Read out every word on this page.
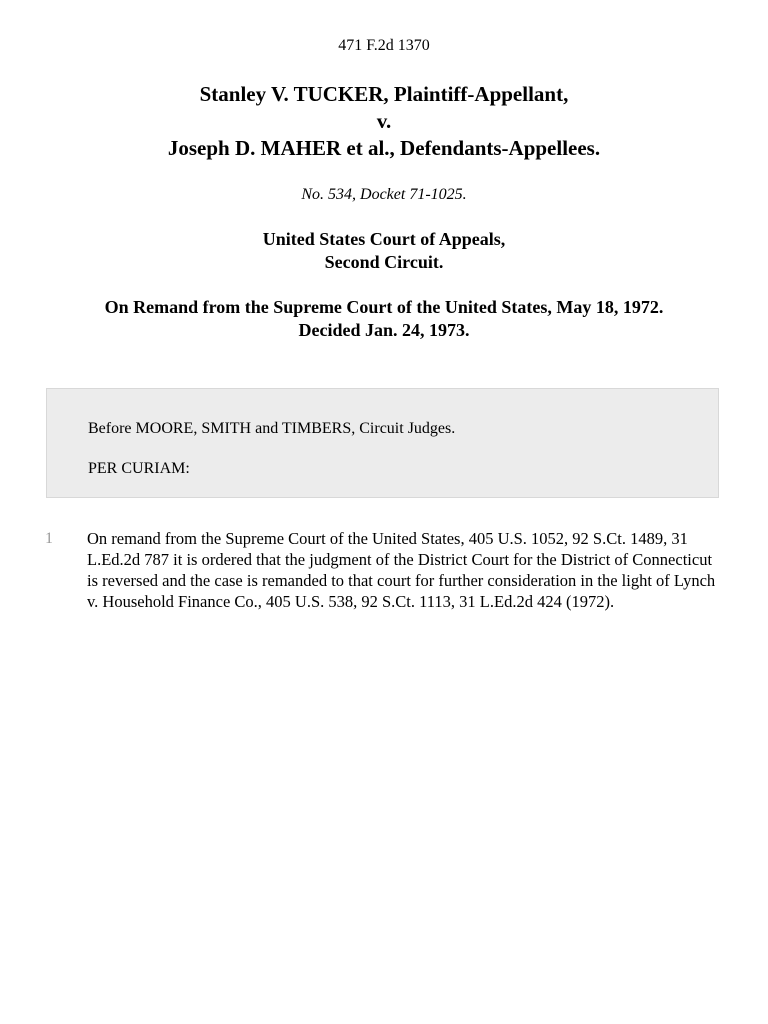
471 F.2d 1370
Stanley V. TUCKER, Plaintiff-Appellant,
v.
Joseph D. MAHER et al., Defendants-Appellees.
No. 534, Docket 71-1025.
United States Court of Appeals,
Second Circuit.
On Remand from the Supreme Court of the United States, May 18, 1972.
Decided Jan. 24, 1973.
Before MOORE, SMITH and TIMBERS, Circuit Judges.
PER CURIAM:
1 On remand from the Supreme Court of the United States, 405 U.S. 1052, 92 S.Ct. 1489, 31 L.Ed.2d 787 it is ordered that the judgment of the District Court for the District of Connecticut is reversed and the case is remanded to that court for further consideration in the light of Lynch v. Household Finance Co., 405 U.S. 538, 92 S.Ct. 1113, 31 L.Ed.2d 424 (1972).
